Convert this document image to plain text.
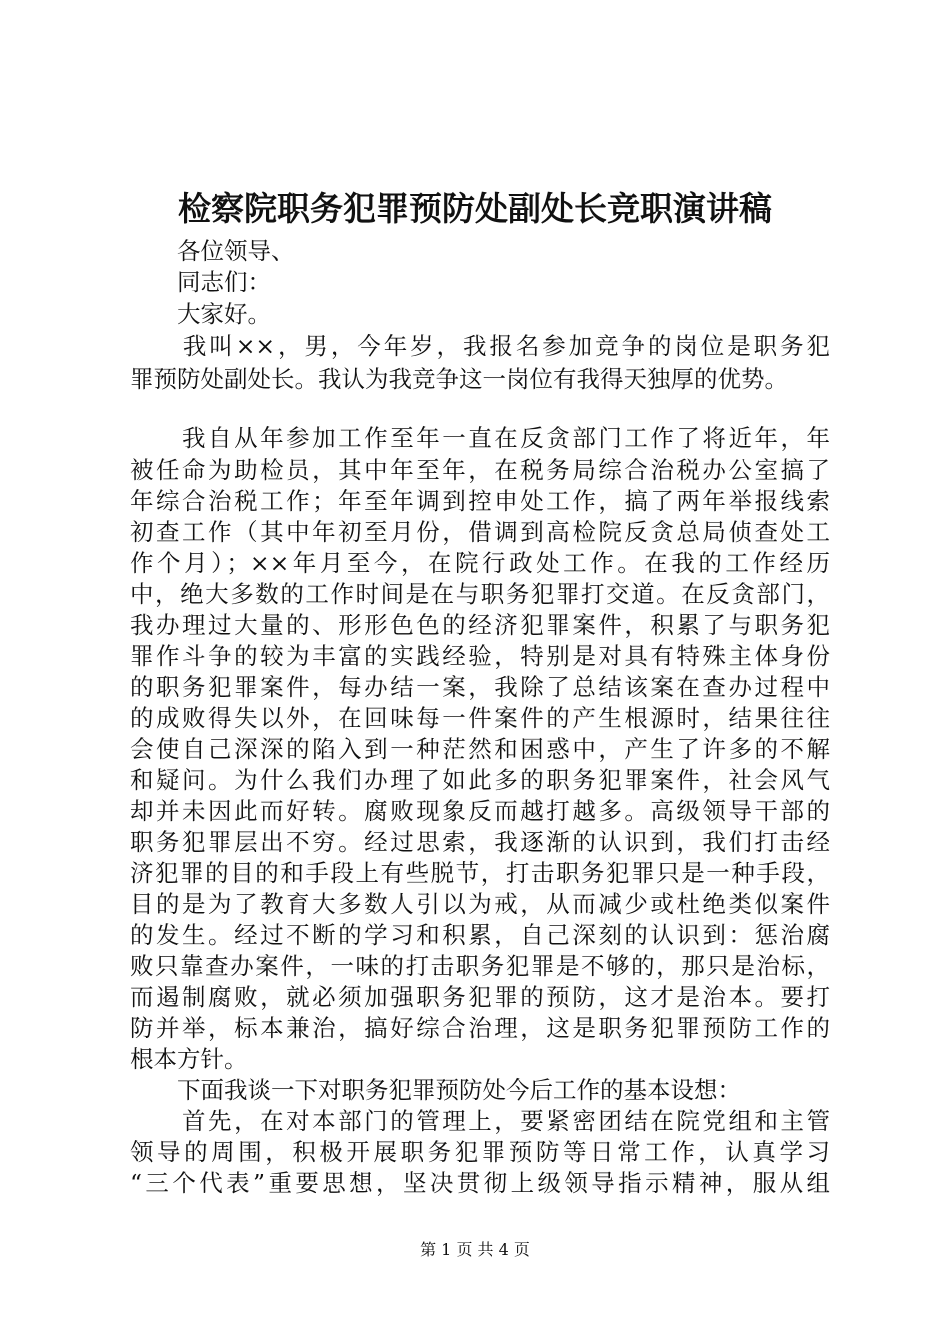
检察院职务犯罪预防处副处长竞职演讲稿
　　各位领导、
　　同志们：
　　大家好。
　　我叫××，男，今年岁，我报名参加竞争的岗位是职务犯
罪预防处副处长。我认为我竞争这一岗位有我得天独厚的优势。
　　我自从年参加工作至年一直在反贪部门工作了将近年，年
被任命为助检员，其中年至年，在税务局综合治税办公室搞了
年综合治税工作；年至年调到控申处工作，搞了两年举报线索
初查工作（其中年初至月份，借调到高检院反贪总局侦查处工
作个月）；××年月至今，在院行政处工作。在我的工作经历
中，绝大多数的工作时间是在与职务犯罪打交道。在反贪部门，
我办理过大量的、形形色色的经济犯罪案件，积累了与职务犯
罪作斗争的较为丰富的实践经验，特别是对具有特殊主体身份
的职务犯罪案件，每办结一案，我除了总结该案在查办过程中
的成败得失以外，在回味每一件案件的产生根源时，结果往往
会使自己深深的陷入到一种茫然和困惑中，产生了许多的不解
和疑问。为什么我们办理了如此多的职务犯罪案件，社会风气
却并未因此而好转。腐败现象反而越打越多。高级领导干部的
职务犯罪层出不穷。经过思索，我逐渐的认识到，我们打击经
济犯罪的目的和手段上有些脱节，打击职务犯罪只是一种手段，
目的是为了教育大多数人引以为戒，从而减少或杜绝类似案件
的发生。经过不断的学习和积累，自己深刻的认识到：惩治腐
败只靠查办案件，一味的打击职务犯罪是不够的，那只是治标，
而遏制腐败，就必须加强职务犯罪的预防，这才是治本。要打
防并举，标本兼治，搞好综合治理，这是职务犯罪预防工作的
根本方针。
　　下面我谈一下对职务犯罪预防处今后工作的基本设想：
　　首先，在对本部门的管理上，要紧密团结在院党组和主管
领导的周围，积极开展职务犯罪预防等日常工作，认真学习
“三个代表”重要思想，坚决贯彻上级领导指示精神，服从组
第 1 页 共 4 页
